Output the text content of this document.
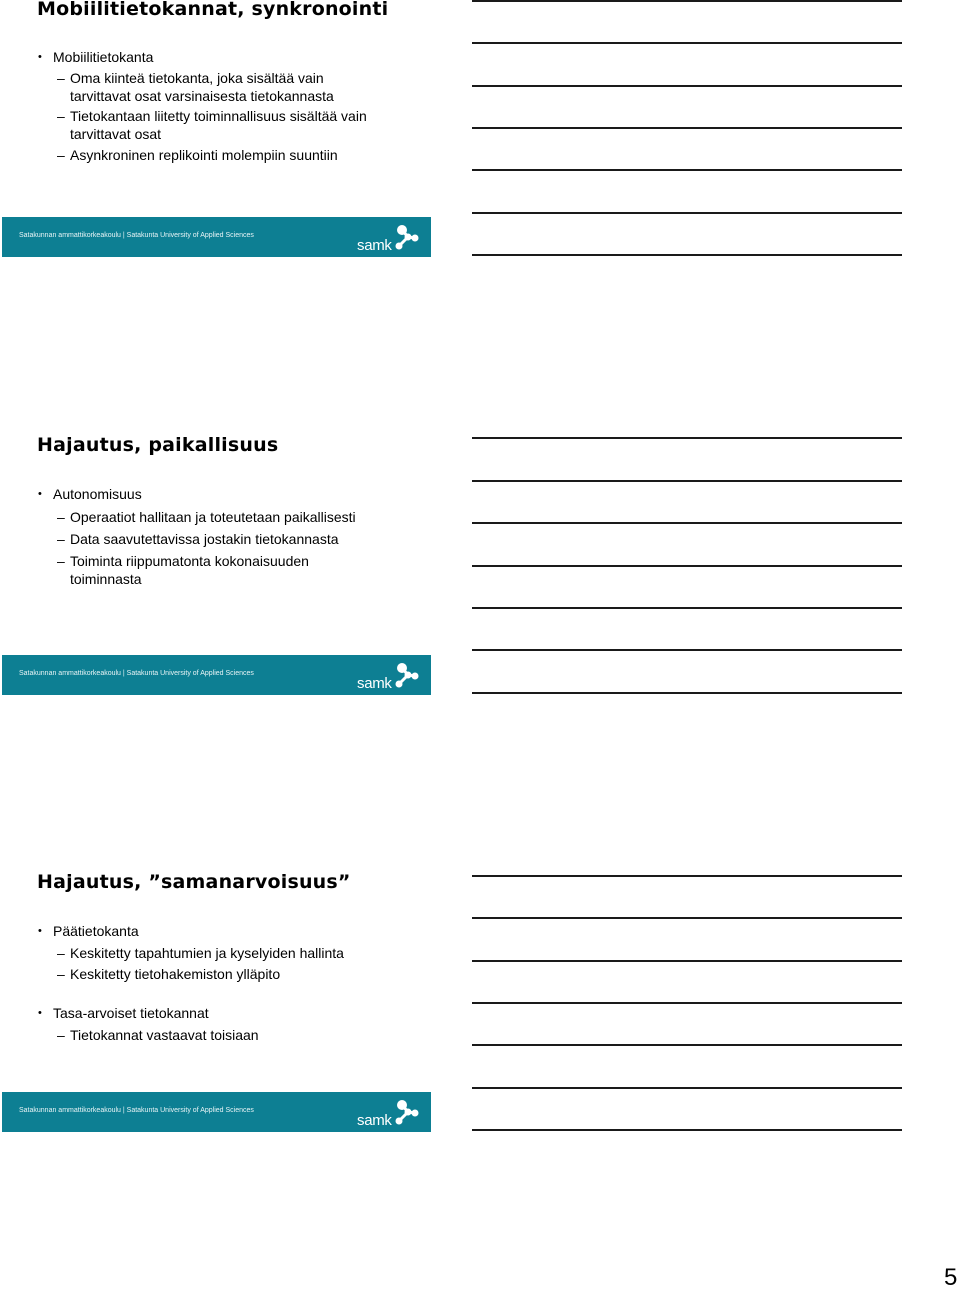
Mobiilitietokannat, synkronointi
• Mobiilitietokanta
– Oma kiinteä tietokanta, joka sisältää vain tarvittavat osat varsinaisesta tietokannasta
– Tietokantaan liitetty toiminnallisuus sisältää vain tarvittavat osat
– Asynkroninen replikointi molempiin suuntiin
Satakunnan ammattikorkeakoulu | Satakunta University of Applied Sciences
samk
Hajautus, paikallisuus
• Autonomisuus
– Operaatiot hallitaan ja toteutetaan paikallisesti
– Data saavutettavissa jostakin tietokannasta
– Toiminta riippumatonta kokonaisuuden toiminnasta
Satakunnan ammattikorkeakoulu | Satakunta University of Applied Sciences
samk
Hajautus, ”samanarvoisuus”
• Päätietokanta
– Keskitetty tapahtumien ja kyselyiden hallinta
– Keskitetty tietohakemiston ylläpito
• Tasa-arvoiset tietokannat
– Tietokannat vastaavat toisiaan
Satakunnan ammattikorkeakoulu | Satakunta University of Applied Sciences
samk
5
